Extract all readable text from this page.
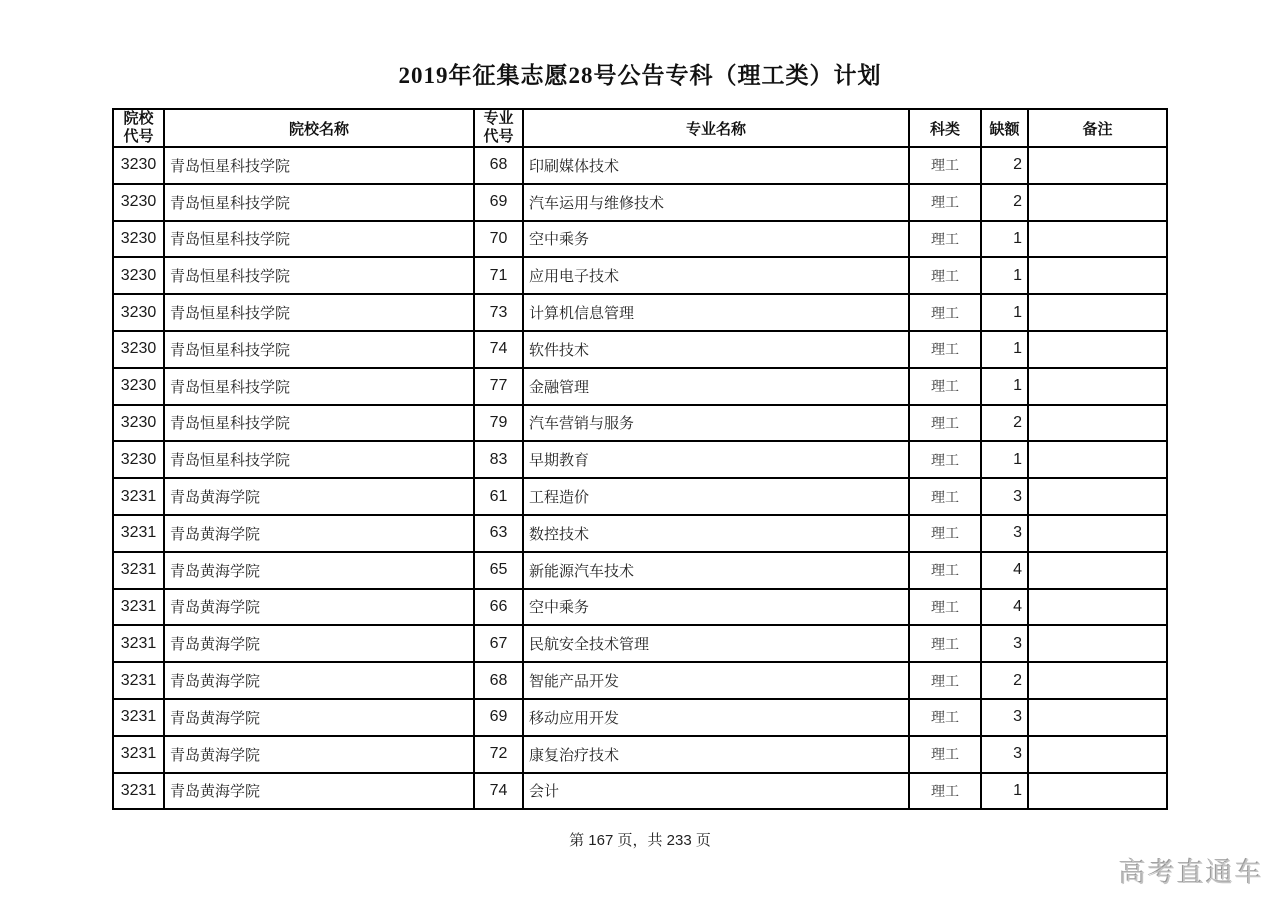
2019年征集志愿28号公告专科（理工类）计划
院校代号	院校名称	专业代号	专业名称	科类	缺额	备注
3230	青岛恒星科技学院	68	印刷媒体技术	理工	2	
3230	青岛恒星科技学院	69	汽车运用与维修技术	理工	2	
3230	青岛恒星科技学院	70	空中乘务	理工	1	
3230	青岛恒星科技学院	71	应用电子技术	理工	1	
3230	青岛恒星科技学院	73	计算机信息管理	理工	1	
3230	青岛恒星科技学院	74	软件技术	理工	1	
3230	青岛恒星科技学院	77	金融管理	理工	1	
3230	青岛恒星科技学院	79	汽车营销与服务	理工	2	
3230	青岛恒星科技学院	83	早期教育	理工	1	
3231	青岛黄海学院	61	工程造价	理工	3	
3231	青岛黄海学院	63	数控技术	理工	3	
3231	青岛黄海学院	65	新能源汽车技术	理工	4	
3231	青岛黄海学院	66	空中乘务	理工	4	
3231	青岛黄海学院	67	民航安全技术管理	理工	3	
3231	青岛黄海学院	68	智能产品开发	理工	2	
3231	青岛黄海学院	69	移动应用开发	理工	3	
3231	青岛黄海学院	72	康复治疗技术	理工	3	
3231	青岛黄海学院	74	会计	理工	1	
第 167 页，共 233 页
高考直通车
